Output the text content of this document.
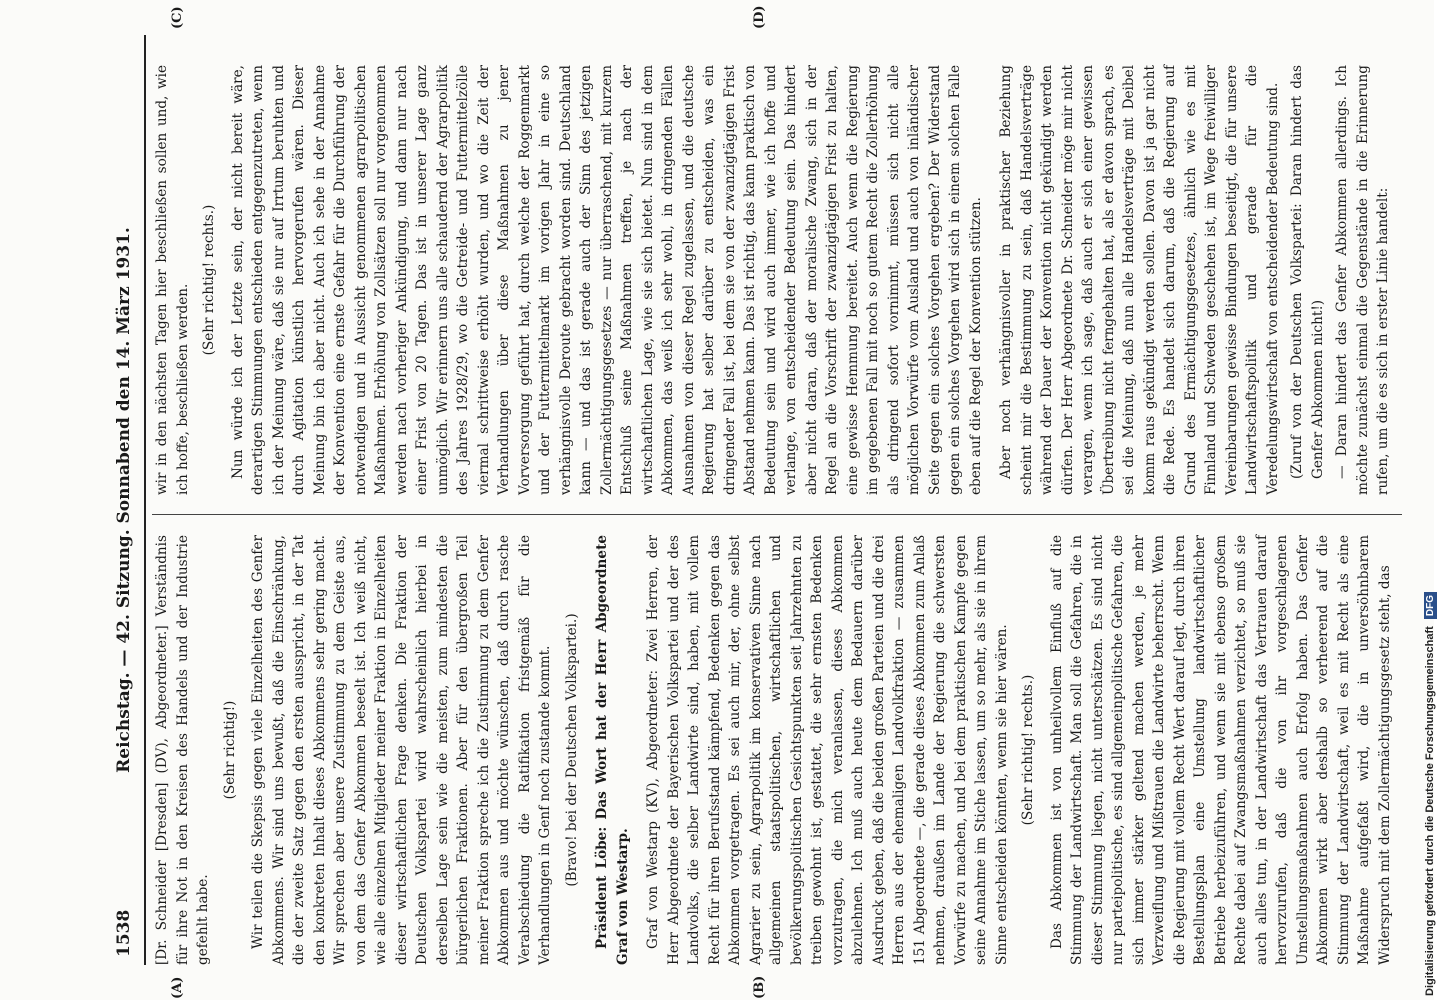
1538
Reichstag. — 42. Sitzung. Sonnabend den 14. März 1931.
(A)	(B)
(C)	(D)

[Dr. Schneider [Dresden] (DV), Abgeordneter.] Verständnis für ihre Not in den Kreisen des Handels und der Industrie gefehlt habe.

(Sehr richtig!) Wir teilen die Skepsis gegen viele Einzelheiten des Genfer Abkommens. Wir sind uns bewußt, daß die Einschränkung, die der zweite Satz gegen den ersten ausspricht, in der Tat den konkreten Inhalt dieses Abkommens sehr gering macht. Wir sprechen aber unsere Zustimmung zu dem Geiste aus, von dem das Genfer Abkommen beseelt ist. Ich weiß nicht, wie alle einzelnen Mitglieder meiner Fraktion in Einzelheiten dieser wirtschaftlichen Frage denken. Die Fraktion der Deutschen Volkspartei wird wahrscheinlich hierbei in derselben Lage sein wie die meisten, zum mindesten die bürgerlichen Fraktionen. Aber für den übergroßen Teil meiner Fraktion spreche ich die Zustimmung zu dem Genfer Abkommen aus und möchte wünschen, daß durch rasche Verabschiedung die Ratifikation fristgemäß für die Verhandlungen in Genf noch zustande kommt. (Bravo! bei der Deutschen Volkspartei.) Präsident Löbe: Das Wort hat der Herr Abgeordnete Graf von Westarp. Graf von Westarp (KV), Abgeordneter: Zwei Herren, der Herr Abgeordnete der Bayerischen Volkspartei und der des Landvolks, die selber Landwirte sind, haben, mit vollem Recht für ihren Berufsstand kämpfend, Bedenken gegen das Abkommen vorgetragen. Es sei auch mir, der, ohne selbst Agrarier zu sein, Agrarpolitik im konservativen Sinne nach allgemeinen staatspolitischen, wirtschaftlichen und bevölkerungspolitischen Gesichtspunkten seit Jahrzehnten zu treiben gewohnt ist, gestattet, die sehr ernsten Bedenken vorzutragen, die mich veranlassen, dieses Abkommen abzulehnen. Ich muß auch heute dem Bedauern darüber Ausdruck geben, daß die beiden großen Parteien und die drei Herren aus der ehemaligen Landvolkfraktion — zusammen 151 Abgeordnete —, die gerade dieses Abkommen zum Anlaß nehmen, draußen im Lande der Regierung die schwersten Vorwürfe zu machen, und bei dem praktischen Kampfe gegen seine Annahme im Stiche lassen, um so mehr, als sie in ihrem Sinne entscheiden könnten, wenn sie hier wären. (Sehr richtig! rechts.) Das Abkommen ist von unheilvollem Einfluß auf die Stimmung der Landwirtschaft. Man soll die Gefahren, die in dieser Stimmung liegen, nicht unterschätzen. Es sind nicht nur parteipolitische, es sind allgemeinpolitische Gefahren, die sich immer stärker geltend machen werden, je mehr Verzweiflung und Mißtrauen die Landwirte beherrscht. Wenn die Regierung mit vollem Recht Wert darauf legt, durch ihren Bestellungsplan eine Umstellung landwirtschaftlicher Betriebe herbeizuführen, und wenn sie mit ebenso großem Rechte dabei auf Zwangsmaßnahmen verzichtet, so muß sie auch alles tun, in der Landwirtschaft das Vertrauen darauf hervorzurufen, daß die von ihr vorgeschlagenen Umstellungsmaßnahmen auch Erfolg haben. Das Genfer Abkommen wirkt aber deshalb so verheerend auf die Stimmung der Landwirtschaft, weil es mit Recht als eine Maßnahme aufgefaßt wird, die in unversöhnbarem Widerspruch mit dem Zollermächtigungsgesetz steht, das

wir in den nächsten Tagen hier beschließen sollen und, wie ich hoffe, beschließen werden.

(Sehr richtig! rechts.) Nun würde ich der Letzte sein, der nicht bereit wäre, derartigen Stimmungen entschieden entgegenzutreten, wenn ich der Meinung wäre, daß sie nur auf Irrtum beruhten und durch Agitation künstlich hervorgerufen wären. Dieser Meinung bin ich aber nicht. Auch ich sehe in der Annahme der Konvention eine ernste Gefahr für die Durchführung der notwendigen und in Aussicht genommenen agrarpolitischen Maßnahmen. Erhöhung von Zollsätzen soll nur vorgenommen werden nach vorheriger Ankündigung, und dann nur nach einer Frist von 20 Tagen. Das ist in unserer Lage ganz unmöglich. Wir erinnern uns alle schaudernd der Agrarpolitik des Jahres 1928/29, wo die Getreide- und Futtermittelzölle viermal schrittweise erhöht wurden, und wo die Zeit der Verhandlungen über diese Maßnahmen zu jener Vorversorgung geführt hat, durch welche der Roggenmarkt und der Futtermittelmarkt im vorigen Jahr in eine so verhängnisvolle Deroute gebracht worden sind. Deutschland kann — und das ist gerade auch der Sinn des jetzigen Zollermächtigungsgesetzes — nur überraschend, mit kurzem Entschluß seine Maßnahmen treffen, je nach der wirtschaftlichen Lage, wie sie sich bietet. Nun sind in dem Abkommen, das weiß ich sehr wohl, in dringenden Fällen Ausnahmen von dieser Regel zugelassen, und die deutsche Regierung hat selber darüber zu entscheiden, was ein dringender Fall ist, bei dem sie von der zwanzigtägigen Frist Abstand nehmen kann. Das ist richtig, das kann praktisch von Bedeutung sein und wird auch immer, wie ich hoffe und verlange, von entscheidender Bedeutung sein. Das hindert aber nicht daran, daß der moralische Zwang, sich in der Regel an die Vorschrift der zwanzigtägigen Frist zu halten, eine gewisse Hemmung bereitet. Auch wenn die Regierung im gegebenen Fall mit noch so gutem Recht die Zollerhöhung als dringend sofort vornimmt, müssen sich nicht alle möglichen Vorwürfe vom Ausland und auch von inländischer Seite gegen ein solches Vorgehen ergeben? Der Widerstand gegen ein solches Vorgehen wird sich in einem solchen Falle eben auf die Regel der Konvention stützen. Aber noch verhängnisvoller in praktischer Beziehung scheint mir die Bestimmung zu sein, daß Handelsverträge während der Dauer der Konvention nicht gekündigt werden dürfen. Der Herr Abgeordnete Dr. Schneider möge mir nicht verargen, wenn ich sage, daß auch er sich einer gewissen Übertreibung nicht ferngehalten hat, als er davon sprach, es sei die Meinung, daß nun alle Handelsverträge mit Deibel komm raus gekündigt werden sollen. Davon ist ja gar nicht die Rede. Es handelt sich darum, daß die Regierung auf Grund des Ermächtigungsgesetzes, ähnlich wie es mit Finnland und Schweden geschehen ist, im Wege freiwilliger Vereinbarungen gewisse Bindungen beseitigt, die für unsere Landwirtschaftspolitik und gerade für die Veredelungswirtschaft von entscheidender Bedeutung sind. (Zuruf von der Deutschen Volkspartei: Daran hindert das Genfer Abkommen nicht!) — Daran hindert das Genfer Abkommen allerdings. Ich möchte zunächst einmal die Gegenstände in die Erinnerung rufen, um die es sich in erster Linie handelt:

Digitalisierung gefördert durch die Deutsche Forschungsgemeinschaft DFG
